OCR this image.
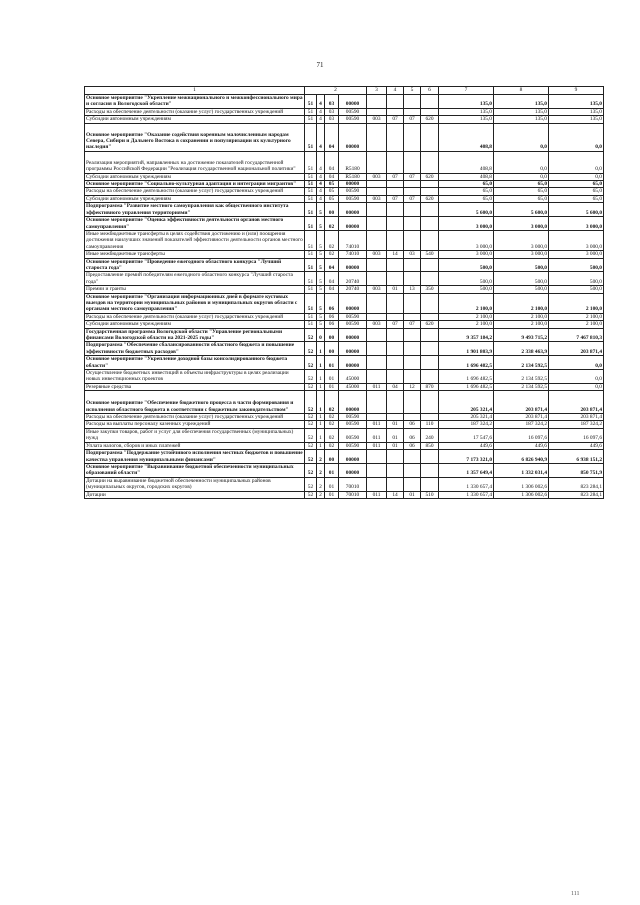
71
1	2				3	4	5	6	7	8	9
Основное мероприятие "Укрепление межнационального и межконфессионального мира и согласия в Вологодской области"	51	4	03	00000					135,0	135,0	135,0
Расходы на обеспечение деятельности (оказание услуг) государственных учреждений	51	4	03	00590					135,0	135,0	135,0
Субсидии автономным учреждениям	51	4	03	00590	003	07	07	620	135,0	135,0	135,0
Основное мероприятие "Оказание содействия коренным малочисленным народам Севера, Сибири и Дальнего Востока в сохранении и популяризации их культурного наследия"	51	4	04	00000					408,8	0,0	0,0
Реализация мероприятий, направленных на достижение показателей государственной программы Российской Федерации "Реализация государственной национальной политики"	51	4	04	R5180					408,8	0,0	0,0
Субсидии автономным учреждениям	51	4	04	R5180	003	07	07	620	408,8	0,0	0,0
Основное мероприятие "Социально-культурная адаптация и интеграция мигрантов"	51	4	05	00000					65,0	65,0	65,0
Расходы на обеспечение деятельности (оказание услуг) государственных учреждений	51	4	05	00590					65,0	65,0	65,0
Субсидии автономным учреждениям	51	4	05	00590	003	07	07	620	65,0	65,0	65,0
Подпрограмма "Развитие местного самоуправления как общественного института эффективного управления территориями"	51	5	00	00000					5 600,0	5 600,0	5 600,0
Основное мероприятие "Оценка эффективности деятельности органов местного самоуправления"	51	5	02	00000					3 000,0	3 000,0	3 000,0
Иные межбюджетные трансферты в целях содействия достижению и (или) поощрения достижения наилучших значений показателей эффективности деятельности органов местного самоуправления	51	5	02	74010					3 000,0	3 000,0	3 000,0
Иные межбюджетные трансферты	51	5	02	74010	003	14	03	540	3 000,0	3 000,0	3 000,0
Основное мероприятие "Проведение ежегодного областного конкурса "Лучший староста года"	51	5	04	00000					500,0	500,0	500,0
Предоставление премий победителям ежегодного областного конкурса "Лучший староста года"	51	5	04	20740					500,0	500,0	500,0
Премии и гранты	51	5	04	20740	003	01	13	350	500,0	500,0	500,0
Основное мероприятие "Организация информационных дней в формате кустовых выездов на территории муниципальных районов и муниципальных округов области с органами местного самоуправления"	51	5	06	00000					2 100,0	2 100,0	2 100,0
Расходы на обеспечение деятельности (оказание услуг) государственных учреждений	51	5	06	00590					2 100,0	2 100,0	2 100,0
Субсидии автономным учреждениям	51	5	06	00590	003	07	07	620	2 100,0	2 100,0	2 100,0
Государственная программа Вологодской области "Управление региональными финансами Вологодской области на 2021-2025 годы"	52	0	00	00000					9 357 184,2	9 493 715,2	7 467 810,3
Подпрограмма "Обеспечение сбалансированности областного бюджета и повышение эффективности бюджетных расходов"	52	1	00	00000					1 901 803,9	2 338 463,9	203 871,4
Основное мероприятие "Укрепление доходной базы консолидированного бюджета области"	52	1	01	00000					1 696 482,5	2 134 592,5	0,0
Осуществление бюджетных инвестиций в объекты инфраструктуры в целях реализации новых инвестиционных проектов	52	1	01	45000					1 696 482,5	2 134 592,5	0,0
Резервные средства	52	1	01	45000	011	04	12	870	1 696 482,5	2 134 592,5	0,0
Основное мероприятие "Обеспечение бюджетного процесса в части формирования и исполнения областного бюджета в соответствии с бюджетным законодательством"	52	1	02	00000					205 321,4	203 871,4	203 871,4
Расходы на обеспечение деятельности (оказание услуг) государственных учреждений	52	1	02	00590					205 321,4	203 871,4	203 871,4
Расходы на выплаты персоналу казенных учреждений	52	1	02	00590	011	01	06	110	187 324,2	187 324,2	187 324,2
Иные закупки товаров, работ и услуг для обеспечения государственных (муниципальных) нужд	52	1	02	00590	011	01	06	240	17 547,6	16 097,6	16 097,6
Уплата налогов, сборов и иных платежей	52	1	02	00590	011	01	06	850	449,6	449,6	449,6
Подпрограмма "Поддержание устойчивого исполнения местных бюджетов и повышение качества управления муниципальными финансами"	52	2	00	00000					7 173 321,0	6 826 940,9	6 938 151,2
Основное мероприятие "Выравнивание бюджетной обеспеченности муниципальных образований области"	52	2	01	00000					1 357 649,4	1 332 031,4	850 751,9
Дотации на выравнивание бюджетной обеспеченности муниципальных районов (муниципальных округов, городских округов)	52	2	01	70010					1 330 657,4	1 306 002,6	823 284,1
Дотации	52	2	01	70010	011	14	01	510	1 330 657,4	1 306 002,6	823 284,1
111
